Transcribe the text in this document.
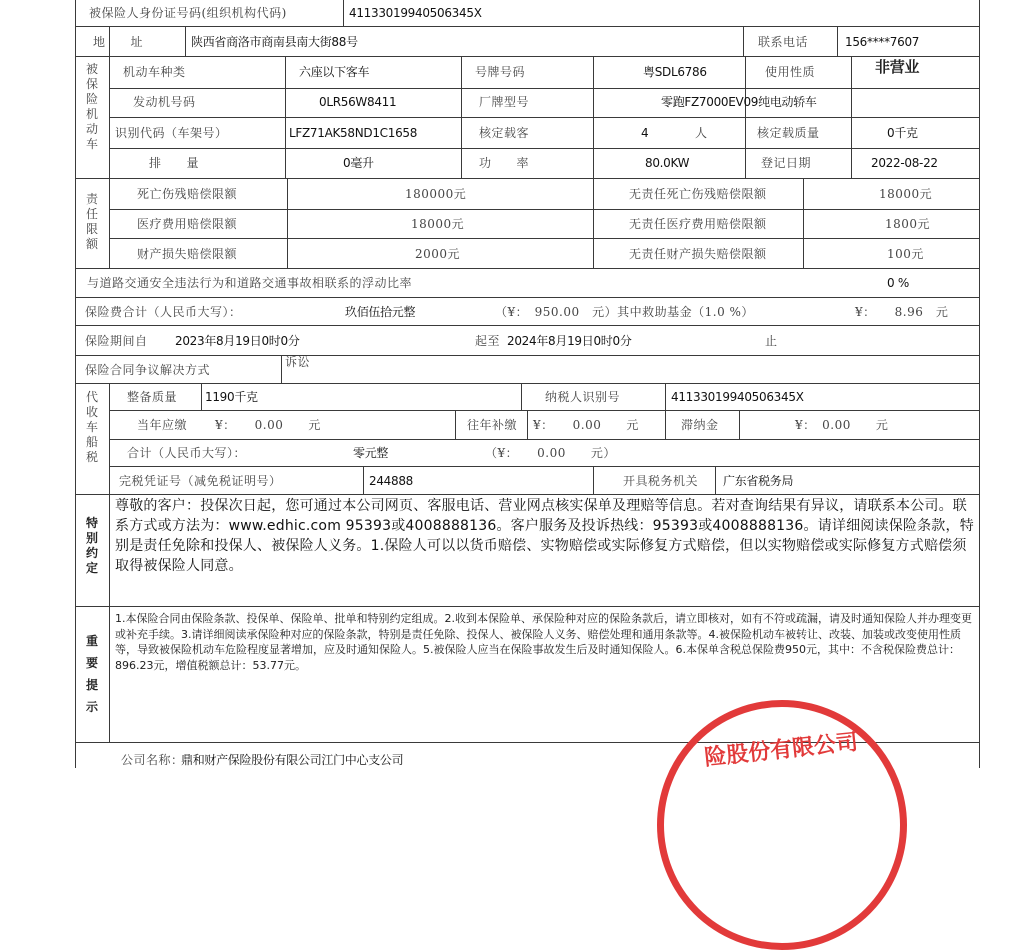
被保险人身份证号码(组织机构代码)	41133019940506345X
地　　址	陕西省商洛市商南县南大街88号	联系电话	156****7607
被保险机动车
机动车种类	六座以下客车	号牌号码	粤SDL6786	使用性质	非营业
发动机号码	0LR56W8411	厂牌型号	零跑FZ7000EV09纯电动轿车
识别代码（车架号）	LFZ71AK58ND1C1658	核定载客	4	人	核定载质量	0千克
排　　量	0毫升	功　　率	80.0KW	登记日期	2022-08-22
责任限额
死亡伤残赔偿限额	180000元	无责任死亡伤残赔偿限额	18000元
医疗费用赔偿限额	18000元	无责任医疗费用赔偿限额	1800元
财产损失赔偿限额	2000元	无责任财产损失赔偿限额	100元
与道路交通安全违法行为和道路交通事故相联系的浮动比率	0 %
保险费合计（人民币大写）：	玖佰伍拾元整	（¥：　950.00　元）其中救助基金（1.0 %）	¥：　　8.96　元
保险期间自 2023年8月19日0时0分	起至 2024年8月19日0时0分	止
保险合同争议解决方式
诉讼
代收车船税
整备质量 1190千克	纳税人识别号	41133019940506345X
当年应缴 ¥：　　0.00　　元	往年补缴 ¥：　　0.00　　元	滞纳金	¥：　0.00　　元
合计（人民币大写）：	零元整	（¥：　　0.00　　元）
完税凭证号（减免税证明号）	244888	开具税务机关 广东省税务局
特别约定
尊敬的客户：投保次日起，您可通过本公司网页、客服电话、营业网点核实保单及理赔等信息。若对查询结果有异议，请联系本公司。联系方式或方法为：www.edhic.com 95393或4008888136。客户服务及投诉热线：95393或4008888136。请详细阅读保险条款，特别是责任免除和投保人、被保险人义务。1.保险人可以以货币赔偿、实物赔偿或实际修复方式赔偿，但以实物赔偿或实际修复方式赔偿须取得被保险人同意。
重要提示
1.本保险合同由保险条款、投保单、保险单、批单和特别约定组成。2.收到本保险单、承保险种对应的保险条款后，请立即核对，如有不符或疏漏，请及时通知保险人并办理变更或补充手续。3.请详细阅读承保险种对应的保险条款，特别是责任免除、投保人、被保险人义务、赔偿处理和通用条款等。4.被保险机动车被转让、改装、加装或改变使用性质等，导致被保险机动车危险程度显著增加，应及时通知保险人。5.被保险人应当在保险事故发生后及时通知保险人。6.本保单含税总保险费950元，其中：不含税保险费总计：896.23元，增值税额总计：53.77元。
公司名称：
鼎和财产保险股份有限公司江门中心支公司	险股份有限公司
